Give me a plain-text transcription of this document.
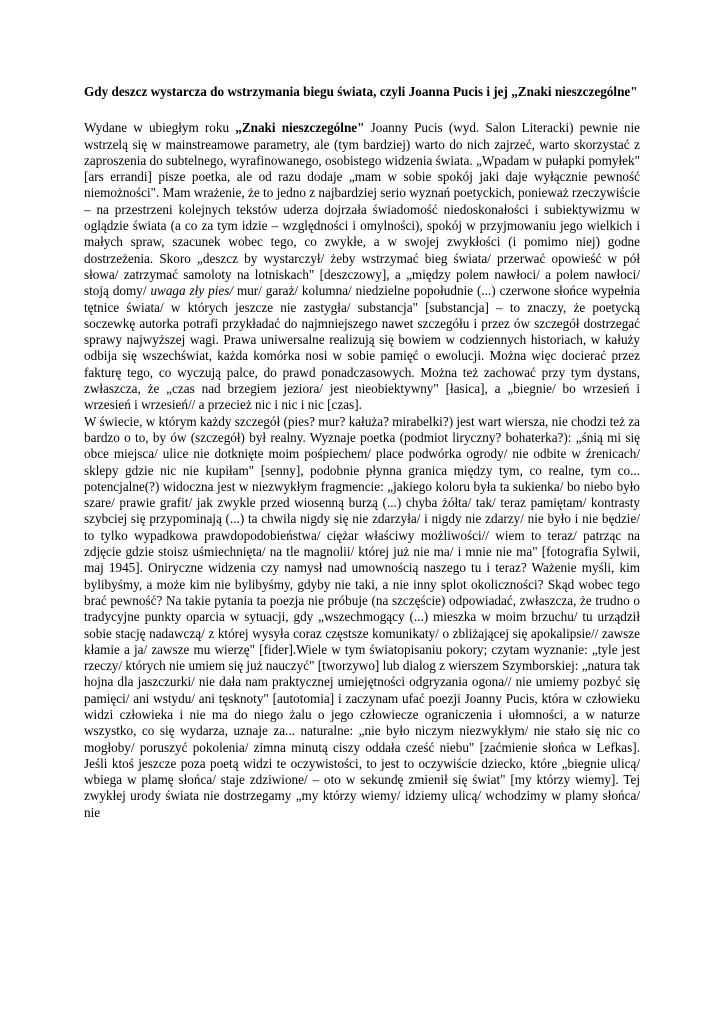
Gdy deszcz wystarcza do wstrzymania biegu świata, czyli Joanna Pucis i jej „Znaki nieszczególne"

Wydane w ubiegłym roku „Znaki nieszczególne" Joanny Pucis (wyd. Salon Literacki) pewnie nie wstrzelą się w mainstreamowe parametry, ale (tym bardziej) warto do nich zajrzeć, warto skorzystać z zaproszenia do subtelnego, wyrafinowanego, osobistego widzenia świata. „Wpadam w pułapki pomyłek" [ars errandi] pisze poetka, ale od razu dodaje „mam w sobie spokój jaki daje wyłącznie pewność niemożności". Mam wrażenie, że to jedno z najbardziej serio wyznań poetyckich, ponieważ rzeczywiście – na przestrzeni kolejnych tekstów uderza dojrzała świadomość niedoskonałości i subiektywizmu w oglądzie świata (a co za tym idzie – względności i omylności), spokój w przyjmowaniu jego wielkich i małych spraw, szacunek wobec tego, co zwykłe, a w swojej zwykłości (i pomimo niej) godne dostrzeżenia. Skoro „deszcz by wystarczył/ żeby wstrzymać bieg świata/ przerwać opowieść w pół słowa/ zatrzymać samoloty na lotniskach" [deszczowy], a „między polem nawłoci/ a polem nawłoci/ stoją domy/ uwaga zły pies/ mur/ garaż/ kolumna/ niedzielne popołudnie (...) czerwone słońce wypełnia tętnice świata/ w których jeszcze nie zastygła/ substancja" [substancja] – to znaczy, że poetycką soczewkę autorka potrafi przykładać do najmniejszego nawet szczegółu i przez ów szczegół dostrzegać sprawy najwyższej wagi. Prawa uniwersalne realizują się bowiem w codziennych historiach, w kałuży odbija się wszechświat, każda komórka nosi w sobie pamięć o ewolucji. Można więc docierać przez fakturę tego, co wyczują palce, do prawd ponadczasowych. Można też zachować przy tym dystans, zwłaszcza, że „czas nad brzegiem jeziora/ jest nieobiektywny" [łasica], a „biegnie/ bo wrzesień i wrzesień i wrzesień// a przecież nic i nic i nic [czas].

W świecie, w którym każdy szczegół (pies? mur? kałuża? mirabelki?) jest wart wiersza, nie chodzi też za bardzo o to, by ów (szczegół) był realny. Wyznaje poetka (podmiot liryczny? bohaterka?): „śnią mi się obce miejsca/ ulice nie dotknięte moim pośpiechem/ place podwórka ogrody/ nie odbite w źrenicach/ sklepy gdzie nic nie kupiłam" [senny], podobnie płynna granica między tym, co realne, tym co... potencjalne(?) widoczna jest w niezwykłym fragmencie: „jakiego koloru była ta sukienka/ bo niebo było szare/ prawie grafit/ jak zwykle przed wiosenną burzą (...) chyba żółta/ tak/ teraz pamiętam/ kontrasty szybciej się przypominają (...) ta chwila nigdy się nie zdarzyła/ i nigdy nie zdarzy/ nie było i nie będzie/ to tylko wypadkowa prawdopodobieństwa/ ciężar właściwy możliwości// wiem to teraz/ patrząc na zdjęcie gdzie stoisz uśmiechnięta/ na tle magnolii/ której już nie ma/ i mnie nie ma" [fotografia Sylwii, maj 1945]. Oniryczne widzenia czy namysł nad umownością naszego tu i teraz? Ważenie myśli, kim bylibyśmy, a może kim nie bylibyśmy, gdyby nie taki, a nie inny splot okoliczności? Skąd wobec tego brać pewność? Na takie pytania ta poezja nie próbuje (na szczęście) odpowiadać, zwłaszcza, że trudno o tradycyjne punkty oparcia w sytuacji, gdy „wszechmogący (...) mieszka w moim brzuchu/ tu urządził sobie stację nadawczą/ z której wysyła coraz częstsze komunikaty/ o zbliżającej się apokalipsie// zawsze kłamie a ja/ zawsze mu wierzę" [fider].Wiele w tym światopisaniu pokory; czytam wyznanie: „tyle jest rzeczy/ których nie umiem się już nauczyć" [tworzywo] lub dialog z wierszem Szymborskiej: „natura tak hojna dla jaszczurki/ nie dała nam praktycznej umiejętności odgryzania ogona// nie umiemy pozbyć się pamięci/ ani wstydu/ ani tęsknoty" [autotomia] i zaczynam ufać poezji Joanny Pucis, która w człowieku widzi człowieka i nie ma do niego żalu o jego człowiecze ograniczenia i ułomności, a w naturze wszystko, co się wydarza, uznaje za... naturalne: „nie było niczym niezwykłym/ nie stało się nic co mogłoby/ poruszyć pokolenia/ zimna minutą ciszy oddała cześć niebu" [zaćmienie słońca w Lefkas]. Jeśli ktoś jeszcze poza poetą widzi te oczywistości, to jest to oczywiście dziecko, które „biegnie ulicą/ wbiega w plamę słońca/ staje zdziwione/ – oto w sekundę zmienił się świat" [my którzy wiemy]. Tej zwykłej urody świata nie dostrzegamy „my którzy wiemy/ idziemy ulicą/ wchodzimy w plamy słońca/ nie
